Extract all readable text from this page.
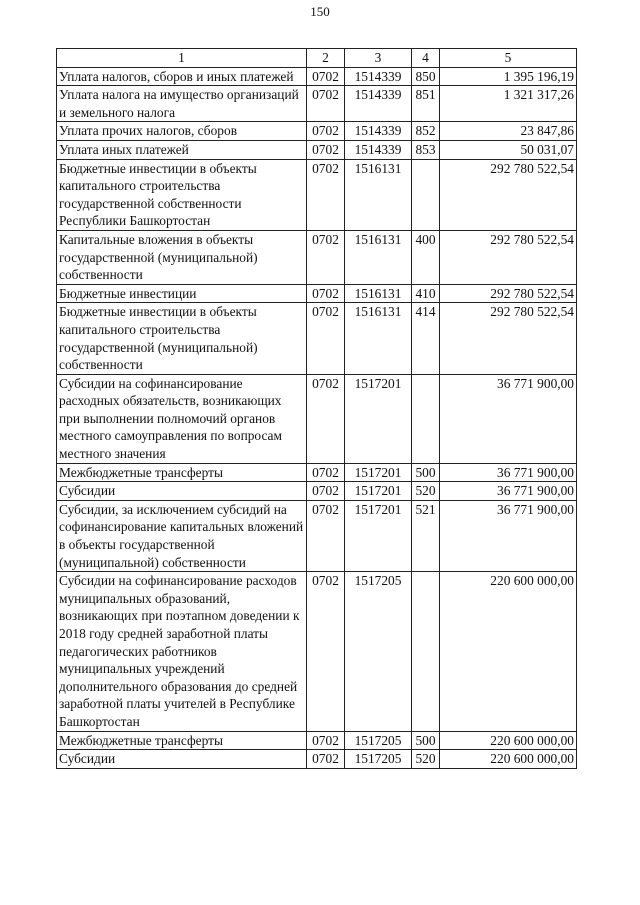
150
1	2	3	4	5
Уплата налогов, сборов и иных платежей	0702	1514339	850	1 395 196,19
Уплата налога на имущество организаций и земельного налога	0702	1514339	851	1 321 317,26
Уплата прочих налогов, сборов	0702	1514339	852	23 847,86
Уплата иных платежей	0702	1514339	853	50 031,07
Бюджетные инвестиции в объекты капитального строительства государственной собственности Республики Башкортостан	0702	1516131		292 780 522,54
Капитальные вложения в объекты государственной (муниципальной) собственности	0702	1516131	400	292 780 522,54
Бюджетные инвестиции	0702	1516131	410	292 780 522,54
Бюджетные инвестиции в объекты капитального строительства государственной (муниципальной) собственности	0702	1516131	414	292 780 522,54
Субсидии на софинансирование расходных обязательств, возникающих при выполнении полномочий органов местного самоуправления по вопросам местного значения	0702	1517201		36 771 900,00
Межбюджетные трансферты	0702	1517201	500	36 771 900,00
Субсидии	0702	1517201	520	36 771 900,00
Субсидии, за исключением субсидий на софинансирование капитальных вложений в объекты государственной (муниципальной) собственности	0702	1517201	521	36 771 900,00
Субсидии на софинансирование расходов муниципальных образований, возникающих при поэтапном доведении к 2018 году средней заработной платы педагогических работников муниципальных учреждений дополнительного образования до средней заработной платы учителей в Республике Башкортостан	0702	1517205		220 600 000,00
Межбюджетные трансферты	0702	1517205	500	220 600 000,00
Субсидии	0702	1517205	520	220 600 000,00
